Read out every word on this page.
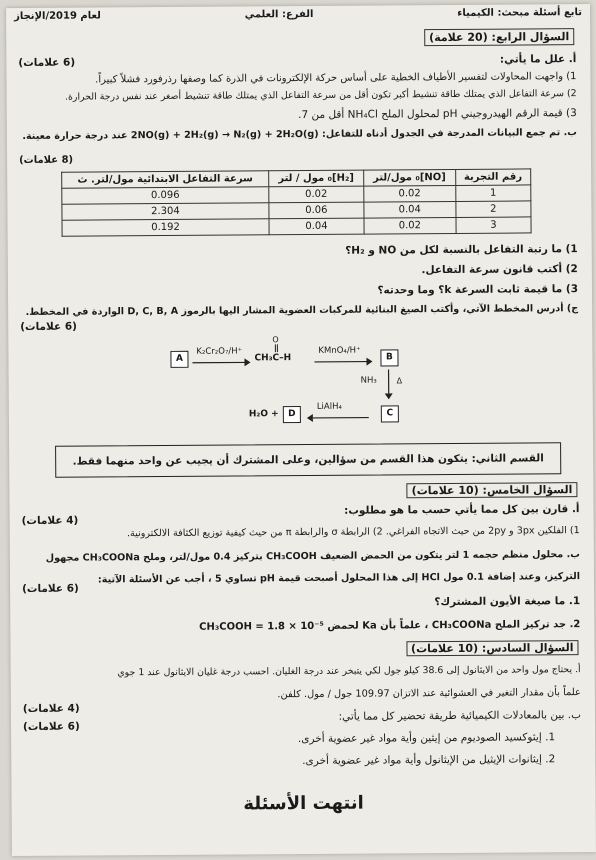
تابع أسئلة مبحث: الكيمياء
الفرع: العلمي
لعام 2019/الإنجاز
السؤال الرابع: (20 علامة)
أ. علل ما يأتي:
(6 علامات)
1) واجهت المحاولات لتفسير الأطياف الخطية على أساس حركة الإلكترونات في الذرة كما وصفها رذرفورد فشلاً كبيراً.
2) سرعة التفاعل الذي يمتلك طاقة تنشيط أكبر تكون أقل من سرعة التفاعل الذي يمتلك طاقة تنشيط أصغر عند نفس درجة الحرارة.
3) قيمة الرقم الهيدروجيني pH لمحلول الملح NH₄Cl أقل من 7.
ب. تم جمع البيانات المدرجة في الجدول أدناه للتفاعل: 2NO(g) + 2H₂(g) → N₂(g) + 2H₂O(g) عند درجة حرارة معينة.
(8 علامات)
رقم التجربة	[NO]₀ مول/لتر	[H₂]₀ مول / لتر	سرعة التفاعل الابتدائية مول/لتر. ث
1	0.02	0.02	0.096
2	0.04	0.06	2.304
3	0.02	0.04	0.192
1) ما رتبة التفاعل بالنسبة لكل من NO و H₂؟
2) أكتب قانون سرعة التفاعل.
3) ما قيمة ثابت السرعة k؟ وما وحدته؟
ج) أدرس المخطط الآتي، وأكتب الصيغ البنائية للمركبات العضوية المشار اليها بالرموز D, C, B, A الواردة في المخطط.
(6 علامات)
A
K₂Cr₂O₇/H⁺
O
CH₃C–H
KMnO₄/H⁺
B
NH₃ Δ
C
LiAlH₄
D
H₂O +
القسم الثاني: يتكون هذا القسم من سؤالين، وعلى المشترك أن يجيب عن واحد منهما فقط.
السؤال الخامس: (10 علامات)
أ. قارن بين كل مما يأتي حسب ما هو مطلوب:
(4 علامات)
1) الفلكين 3px و 2py من حيث الاتجاه الفراغي. 2) الرابطة σ والرابطة π من حيث كيفية توزيع الكثافة الالكترونية.
ب. محلول منظم حجمه 1 لتر يتكون من الحمض الضعيف CH₃COOH بتركيز 0.4 مول/لتر، وملح CH₃COONa مجهول
التركيز، وعند إضافة 0.1 مول HCl إلى هذا المحلول أصبحت قيمة pH تساوي 5 ، أجب عن الأسئلة الآتية:
(6 علامات)
1. ما صيغة الأيون المشترك؟
2. جد تركيز الملح CH₃COONa ، علماً بأن Ka لحمض CH₃COOH = 1.8 × 10⁻⁵
السؤال السادس: (10 علامات)
أ. يحتاج مول واحد من الايثانول إلى 38.6 كيلو جول لكي يتبخر عند درجة الغليان. احسب درجة غليان الايثانول عند 1 جوي
علماً بأن مقدار التغير في العشوائية عند الاتزان 109.97 جول / مول. كلفن.
(4 علامات)
ب. بين بالمعادلات الكيميائية طريقة تحضير كل مما يأتي:
(6 علامات)
1. إيثوكسيد الصوديوم من إيثين وأية مواد غير عضوية أخرى.
2. إيثانوات الإيثيل من الإيثانول وأية مواد غير عضوية أخرى.
انتهت الأسئلة
